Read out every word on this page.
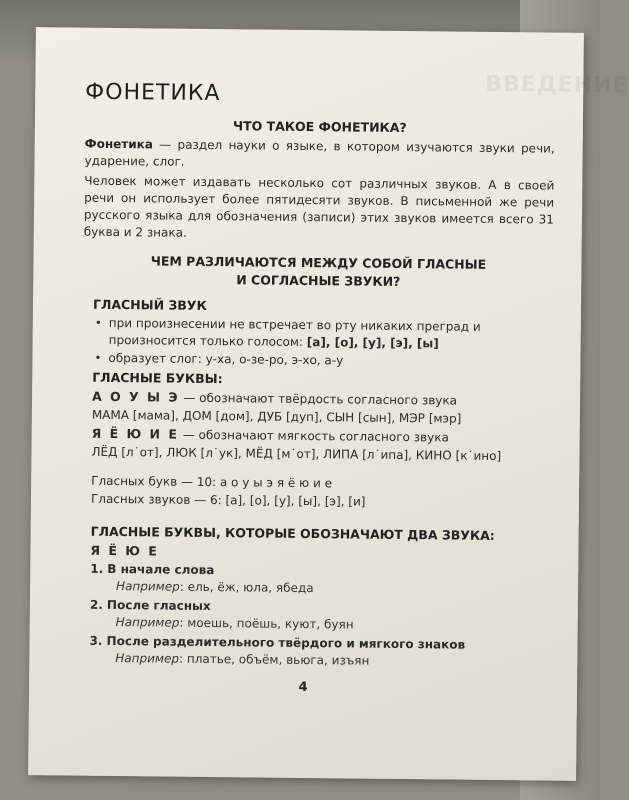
ВВЕДЕНИЕ
ФОНЕТИКА
ЧТО ТАКОЕ ФОНЕТИКА?

Фонетика — раздел науки о языке, в котором изучаются звуки речи, ударение, слог.

Человек может издавать несколько сот различных звуков. А в своей речи он использует более пятидесяти звуков. В письменной же речи русского языка для обозначения (записи) этих звуков имеется всего 31 буква и 2 знака.

ЧЕМ РАЗЛИЧАЮТСЯ МЕЖДУ СОБОЙ ГЛАСНЫЕ
И СОГЛАСНЫЕ ЗВУКИ?
ГЛАСНЫЙ ЗВУК
• при произнесении не встречает во рту никаких преград и произносится только голосом: [а], [о], [у], [э], [ы]
• образует слог: у-ха, о-зе-ро, э-хо, а-у
ГЛАСНЫЕ БУКВЫ:
А О У Ы Э — обозначают твёрдость согласного звука
МАМА [мама], ДОМ [дом], ДУБ [дуп], СЫН [сын], МЭР [мэр]
Я Ё Ю И Е — обозначают мягкость согласного звука
ЛЁД [л˙от], ЛЮК [л˙ук], МЁД [м˙от], ЛИПА [л˙ипа], КИНО [к˙ино]
Гласных букв — 10: а о у ы э я ё ю и е
Гласных звуков — 6: [а], [о], [у], [ы], [э], [и]
ГЛАСНЫЕ БУКВЫ, КОТОРЫЕ ОБОЗНАЧАЮТ ДВА ЗВУКА:
Я Ё Ю Е
1. В начале слова
Например: ель, ёж, юла, ябеда
2. После гласных
Например: моешь, поёшь, куют, буян
3. После разделительного твёрдого и мягкого знаков
Например: платье, объём, вьюга, изъян
4
